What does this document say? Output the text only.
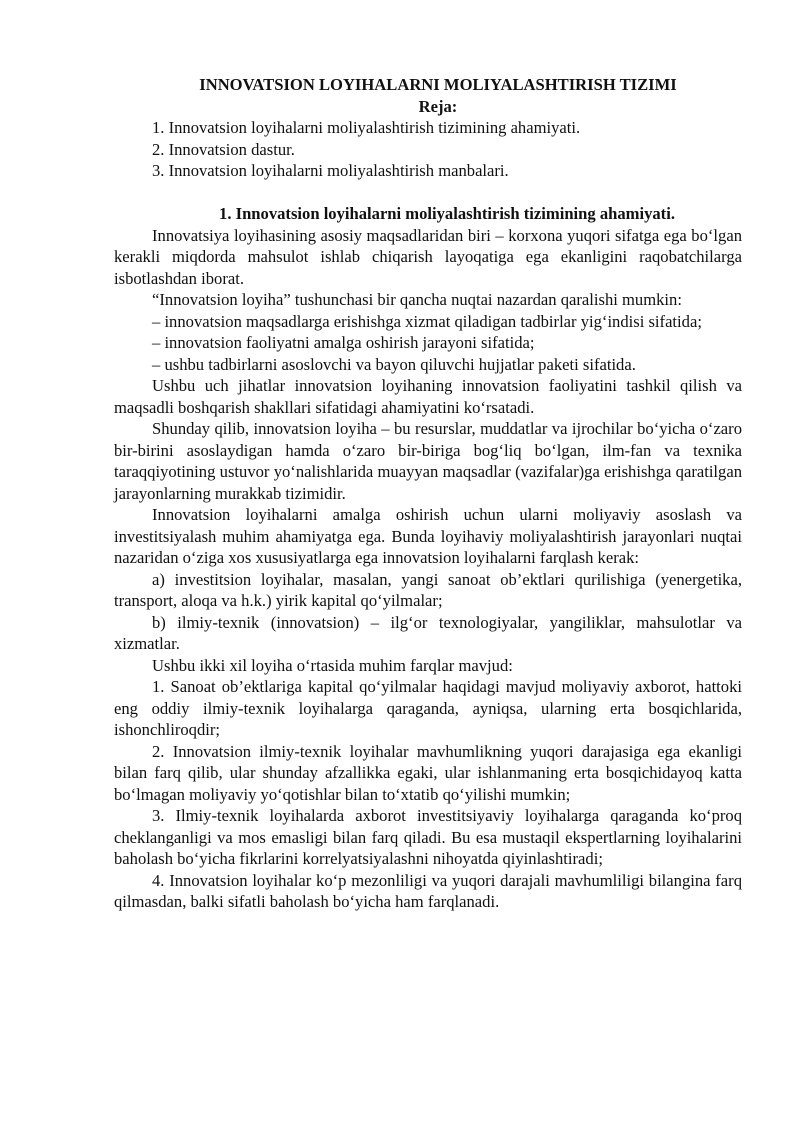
INNOVATSION LOYIHALARNI MOLIYALASHTIRISH TIZIMI

Reja:

1. Innovatsion loyihalarni moliyalashtirish tizimining ahamiyati.
2. Innovatsion dastur.
3. Innovatsion loyihalarni moliyalashtirish manbalari.

1. Innovatsion loyihalarni moliyalashtirish tizimining ahamiyati.

Innovatsiya loyihasining asosiy maqsadlaridan biri – korxona yuqori sifatga ega bo‘lgan kerakli miqdorda mahsulot ishlab chiqarish layoqatiga ega ekanligini raqobatchilarga isbotlashdan iborat.

“Innovatsion loyiha” tushunchasi bir qancha nuqtai nazardan qaralishi mumkin:

– innovatsion maqsadlarga erishishga xizmat qiladigan tadbirlar yig‘indisi sifatida;

– innovatsion faoliyatni amalga oshirish jarayoni sifatida;

– ushbu tadbirlarni asoslovchi va bayon qiluvchi hujjatlar paketi sifatida.

Ushbu uch jihatlar innovatsion loyihaning innovatsion faoliyatini tashkil qilish va maqsadli boshqarish shakllari sifatidagi ahamiyatini ko‘rsatadi.

Shunday qilib, innovatsion loyiha – bu resurslar, muddatlar va ijrochilar bo‘yicha o‘zaro bir-birini asoslaydigan hamda o‘zaro bir-biriga bog‘liq bo‘lgan, ilm-fan va texnika taraqqiyotining ustuvor yo‘nalishlarida muayyan maqsadlar (vazifalar)ga erishishga qaratilgan jarayonlarning murakkab tizimidir.

Innovatsion loyihalarni amalga oshirish uchun ularni moliyaviy asoslash va investitsiyalash muhim ahamiyatga ega. Bunda loyihaviy moliyalashtirish jarayonlari nuqtai nazaridan o‘ziga xos xususiyatlarga ega innovatsion loyihalarni farqlash kerak:

a) investitsion loyihalar, masalan, yangi sanoat ob’ektlari qurilishiga (yenergetika, transport, aloqa va h.k.) yirik kapital qo‘yilmalar;

b) ilmiy-texnik (innovatsion) – ilg‘or texnologiyalar, yangiliklar, mahsulotlar va xizmatlar.

Ushbu ikki xil loyiha o‘rtasida muhim farqlar mavjud:

1. Sanoat ob’ektlariga kapital qo‘yilmalar haqidagi mavjud moliyaviy axborot, hattoki eng oddiy ilmiy-texnik loyihalarga qaraganda, ayniqsa, ularning erta bosqichlarida, ishonchliroqdir;

2. Innovatsion ilmiy-texnik loyihalar mavhumlikning yuqori darajasiga ega ekanligi bilan farq qilib, ular shunday afzallikka egaki, ular ishlanmaning erta bosqichidayoq katta bo‘lmagan moliyaviy yo‘qotishlar bilan to‘xtatib qo‘yilishi mumkin;

3. Ilmiy-texnik loyihalarda axborot investitsiyaviy loyihalarga qaraganda ko‘proq cheklanganligi va mos emasligi bilan farq qiladi. Bu esa mustaqil ekspertlarning loyihalarini baholash bo‘yicha fikrlarini korrelyatsiyalashni nihoyatda qiyinlashtiradi;

4. Innovatsion loyihalar ko‘p mezonliligi va yuqori darajali mavhumliligi bilangina farq qilmasdan, balki sifatli baholash bo‘yicha ham farqlanadi.
